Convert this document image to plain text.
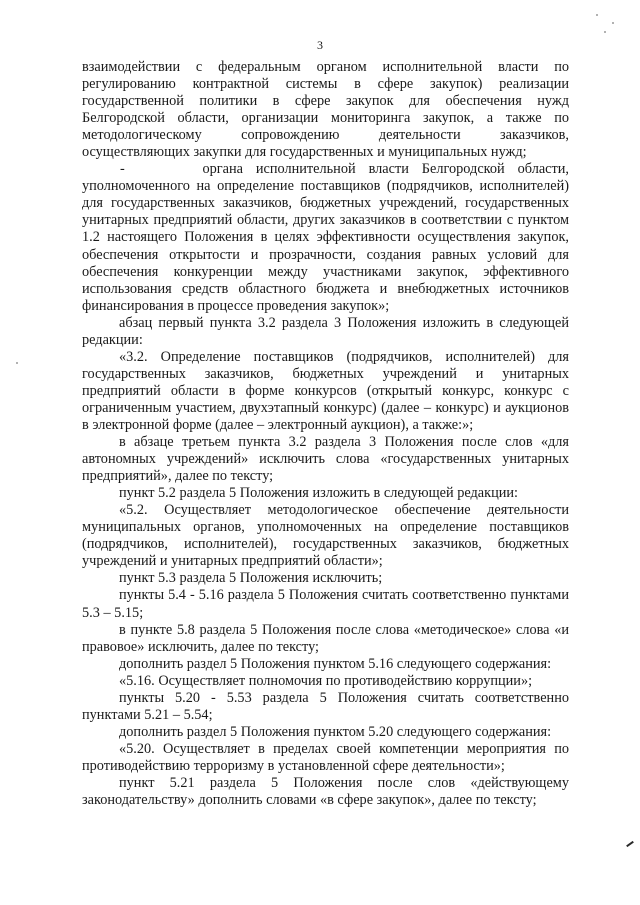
3

взаимодействии с федеральным органом исполнительной власти по регулированию контрактной системы в сфере закупок) реализации государственной политики в сфере закупок для обеспечения нужд Белгородской области, организации мониторинга закупок, а также по методологическому сопровождению деятельности заказчиков, осуществляющих закупки для государственных и муниципальных нужд;

-      органа исполнительной власти Белгородской области, уполномоченного на определение поставщиков (подрядчиков, исполнителей) для государственных заказчиков, бюджетных учреждений, государственных унитарных предприятий области, других заказчиков в соответствии с пунктом 1.2 настоящего Положения в целях эффективности осуществления закупок, обеспечения открытости и прозрачности, создания равных условий для обеспечения конкуренции между участниками закупок, эффективного использования средств областного бюджета и внебюджетных источников финансирования в процессе проведения закупок»;

абзац первый пункта 3.2 раздела 3 Положения изложить в следующей редакции:

«3.2. Определение поставщиков (подрядчиков, исполнителей) для государственных заказчиков, бюджетных учреждений и унитарных предприятий области в форме конкурсов (открытый конкурс, конкурс с ограниченным участием, двухэтапный конкурс) (далее – конкурс) и аукционов в электронной форме (далее – электронный аукцион), а также:»;

в абзаце третьем пункта 3.2 раздела 3 Положения после слов «для автономных учреждений» исключить слова «государственных унитарных предприятий», далее по тексту;

пункт 5.2 раздела 5 Положения изложить в следующей редакции:

«5.2. Осуществляет методологическое обеспечение деятельности муниципальных органов, уполномоченных на определение поставщиков (подрядчиков, исполнителей), государственных заказчиков, бюджетных учреждений и унитарных предприятий области»;

пункт 5.3 раздела 5 Положения исключить;

пункты 5.4 - 5.16 раздела 5 Положения считать соответственно пунктами 5.3 – 5.15;

в пункте 5.8 раздела 5 Положения после слова «методическое» слова «и правовое» исключить, далее по тексту;

дополнить раздел 5 Положения пунктом 5.16 следующего содержания:

«5.16. Осуществляет полномочия по противодействию коррупции»;

пункты 5.20 - 5.53 раздела 5 Положения считать соответственно пунктами 5.21 – 5.54;

дополнить раздел 5 Положения пунктом 5.20 следующего содержания:

«5.20. Осуществляет в пределах своей компетенции мероприятия по противодействию терроризму в установленной сфере деятельности»;

пункт 5.21 раздела 5 Положения после слов «действующему законодательству» дополнить словами «в сфере закупок», далее по тексту;
